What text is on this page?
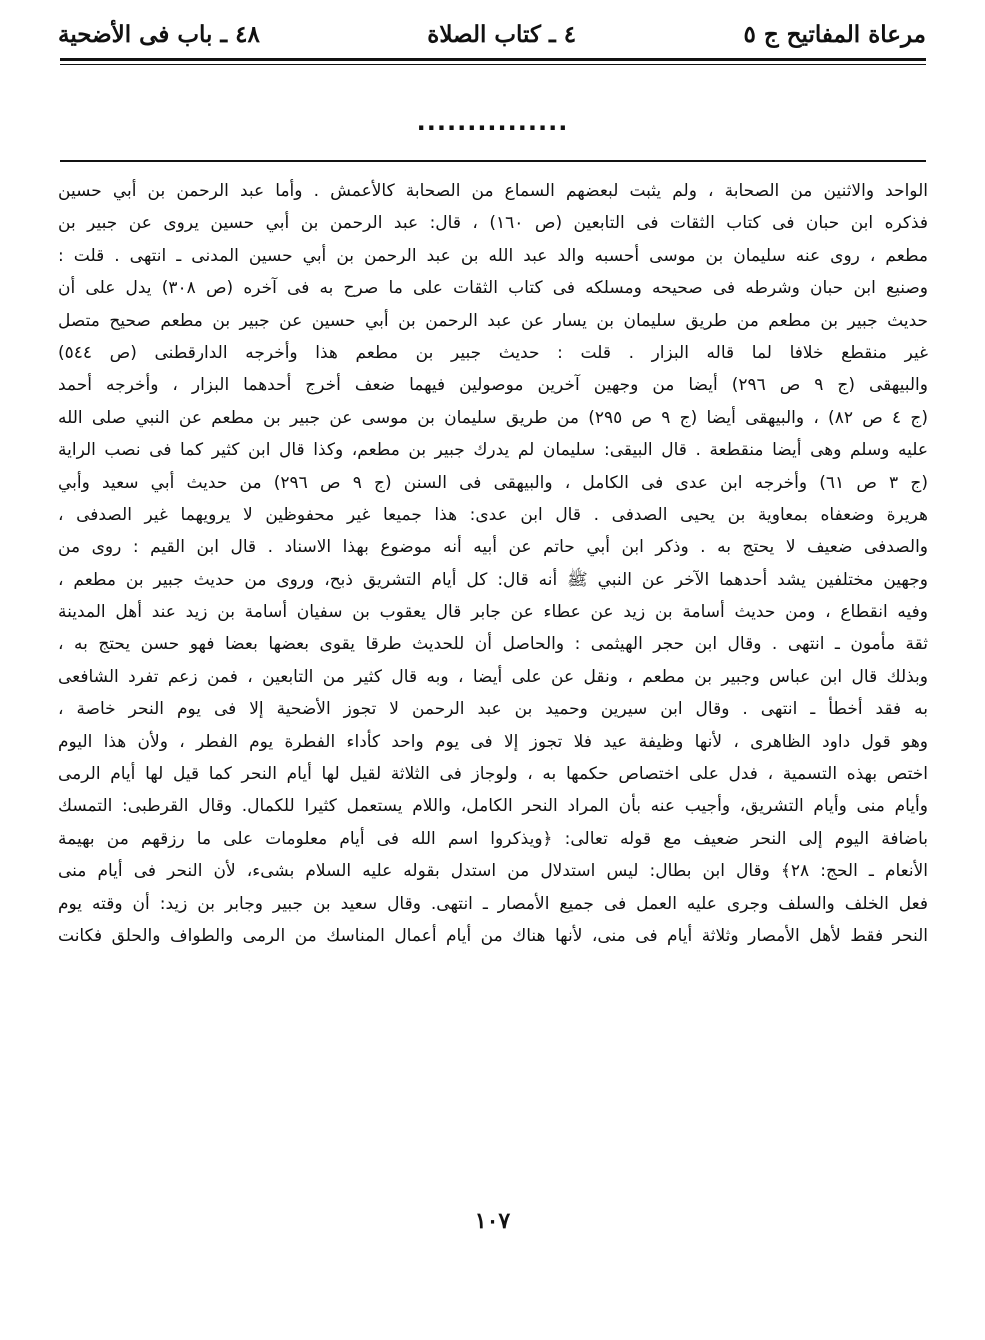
مرعاة المفاتيح ج ٥
٤ ـ كتاب الصلاة
٤٨ ـ باب فى الأضحية
...............
الواحد والاثنين من الصحابة ، ولم يثبت لبعضهم السماع من الصحابة كالأعمش . وأما عبد الرحمن بن أبي حسين
فذكره ابن حبان فى كتاب الثقات فى التابعين (ص ١٦٠) ، قال: عبد الرحمن بن أبي حسين يروى عن جبير بن
مطعم ، روى عنه سليمان بن موسى أحسبه والد عبد الله بن عبد الرحمن بن أبي حسين المدنى ـ انتهى . قلت :
وصنيع ابن حبان وشرطه فى صحيحه ومسلكه فى كتاب الثقات على ما صرح به فى آخره (ص ٣٠٨) يدل على أن
حديث جبير بن مطعم من طريق سليمان بن يسار عن عبد الرحمن بن أبي حسين عن جبير بن مطعم صحيح متصل
غير منقطع خلافا لما قاله البزار . قلت : حديث جبير بن مطعم هذا وأخرجه الدارقطنى (ص ٥٤٤)
والبيهقى (ج ٩ ص ٢٩٦) أيضا من وجهين آخرين موصولين فيهما ضعف أخرج أحدهما البزار ، وأخرجه أحمد
(ج ٤ ص ٨٢) ، والبيهقى أيضا (ج ٩ ص ٢٩٥) من طريق سليمان بن موسى عن جبير بن مطعم عن النبي صلى الله
عليه وسلم وهى أيضا منقطعة . قال البيقى: سليمان لم يدرك جبير بن مطعم، وكذا قال ابن كثير كما فى نصب الراية
(ج ٣ ص ٦١) وأخرجه ابن عدى فى الكامل ، والبيهقى فى السنن (ج ٩ ص ٢٩٦) من حديث أبي سعيد وأبي
هريرة وضعفاه بمعاوية بن يحيى الصدفى . قال ابن عدى: هذا جميعا غير محفوظين لا يرويهما غير الصدفى ،
والصدفى ضعيف لا يحتج به . وذكر ابن أبي حاتم عن أبيه أنه موضوع بهذا الاسناد . قال ابن القيم : روى من
وجهين مختلفين يشد أحدهما الآخر عن النبي ﷺ أنه قال: كل أيام التشريق ذبح، وروى من حديث جبير بن مطعم ،
وفيه انقطاع ، ومن حديث أسامة بن زيد عن عطاء عن جابر قال يعقوب بن سفيان أسامة بن زيد عند أهل المدينة
ثقة مأمون ـ انتهى . وقال ابن حجر الهيثمى : والحاصل أن للحديث طرقا يقوى بعضها بعضا فهو حسن يحتج به ،
وبذلك قال ابن عباس وجبير بن مطعم ، ونقل عن على أيضا ، وبه قال كثير من التابعين ، فمن زعم تفرد الشافعى
به فقد أخطأ ـ انتهى . وقال ابن سيرين وحميد بن عبد الرحمن لا تجوز الأضحية إلا فى يوم النحر خاصة ،
وهو قول داود الظاهرى ، لأنها وظيفة عيد فلا تجوز إلا فى يوم واحد كأداء الفطرة يوم الفطر ، ولأن هذا اليوم
اختص بهذه التسمية ، فدل على اختصاص حكمها به ، ولوجاز فى الثلاثة لقيل لها أيام النحر كما قيل لها أيام الرمى
وأيام منى وأيام التشريق، وأجيب عنه بأن المراد النحر الكامل، واللام يستعمل كثيرا للكمال. وقال القرطبى: التمسك
باضافة اليوم إلى النحر ضعيف مع قوله تعالى: ﴿ويذكروا اسم الله فى أيام معلومات على ما رزقهم من بهيمة
الأنعام ـ الحج: ٢٨﴾ وقال ابن بطال: ليس استدلال من استدل بقوله عليه السلام بشىء، لأن النحر فى أيام منى
فعل الخلف والسلف وجرى عليه العمل فى جميع الأمصار ـ انتهى. وقال سعيد بن جبير وجابر بن زيد: أن وقته يوم
النحر فقط لأهل الأمصار وثلاثة أيام فى منى، لأنها هناك من أيام أعمال المناسك من الرمى والطواف والحلق فكانت
١٠٧
